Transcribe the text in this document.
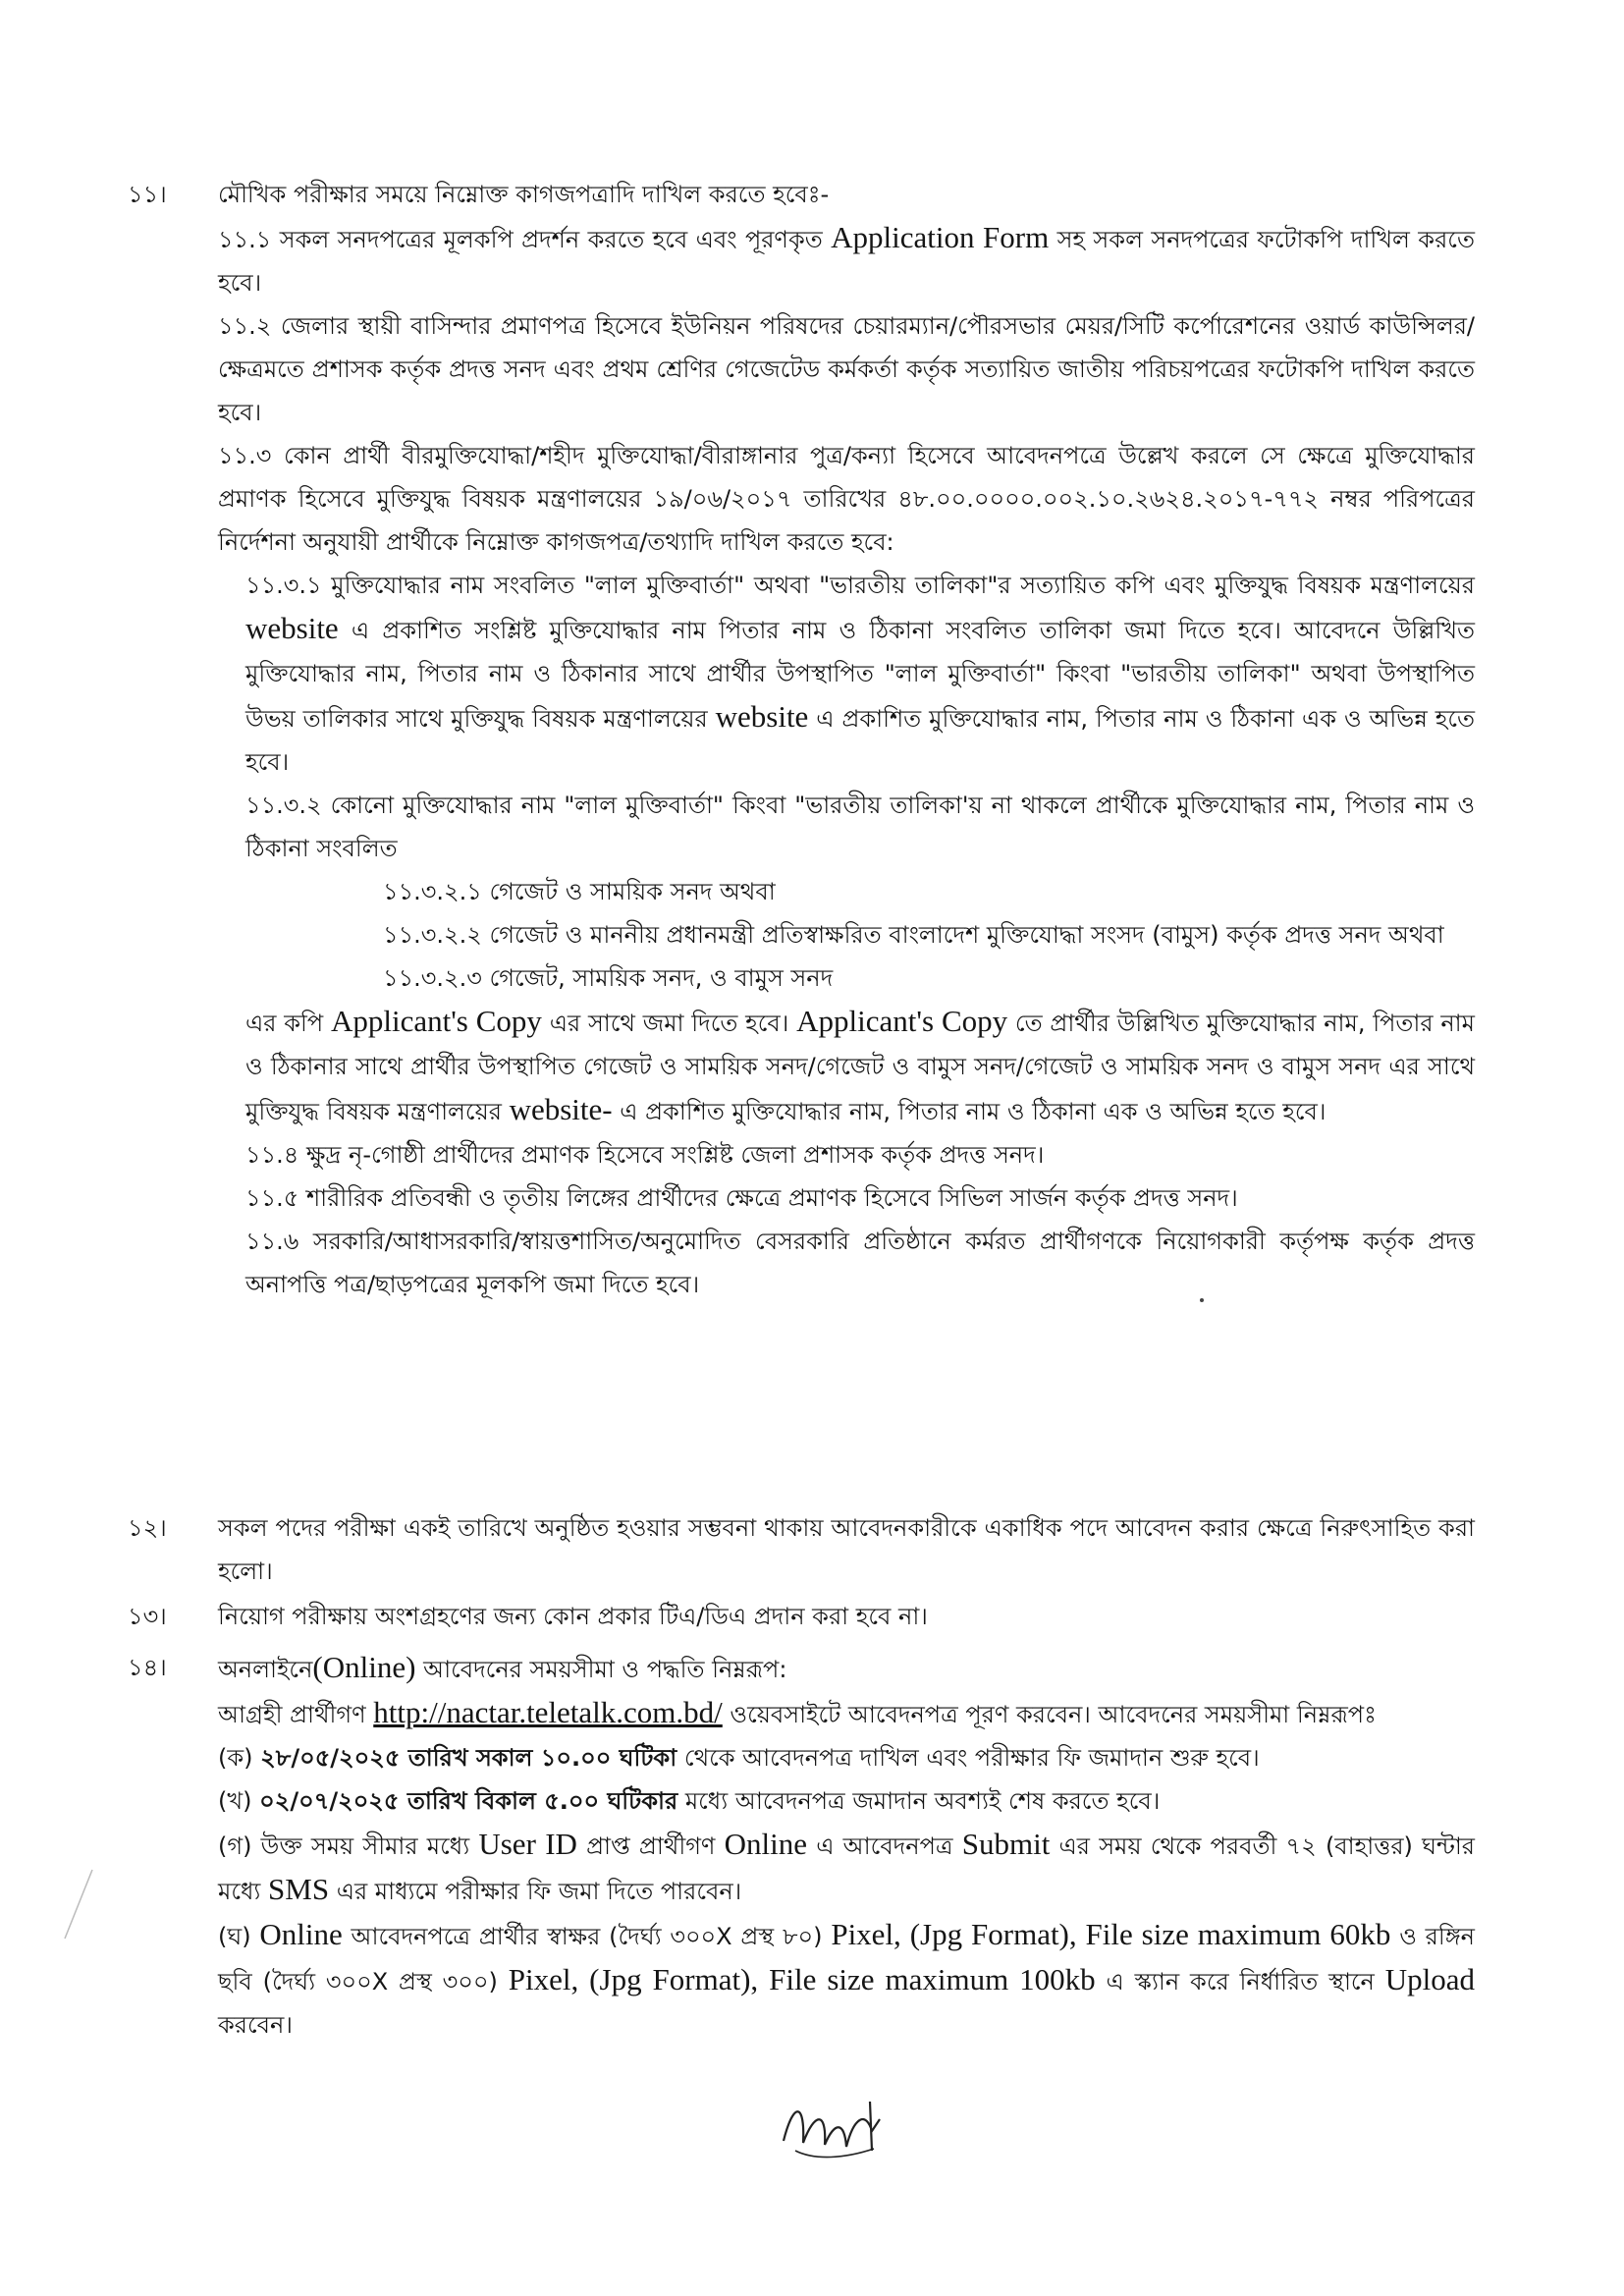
১১।	মৌখিক পরীক্ষার সময়ে নিম্নোক্ত কাগজপত্রাদি দাখিল করতে হবেঃ-
১১.১ সকল সনদপত্রের মূলকপি প্রদর্শন করতে হবে এবং পূরণকৃত Application Form সহ সকল সনদপত্রের ফটোকপি দাখিল করতে হবে।
১১.২ জেলার স্থায়ী বাসিন্দার প্রমাণপত্র হিসেবে ইউনিয়ন পরিষদের চেয়ারম্যান/পৌরসভার মেয়র/সিটি কর্পোরেশনের ওয়ার্ড কাউন্সিলর/ক্ষেত্রমতে প্রশাসক কর্তৃক প্রদত্ত সনদ এবং প্রথম শ্রেণির গেজেটেড কর্মকর্তা কর্তৃক সত্যায়িত জাতীয় পরিচয়পত্রের ফটোকপি দাখিল করতে হবে।
১১.৩ কোন প্রার্থী বীরমুক্তিযোদ্ধা/শহীদ মুক্তিযোদ্ধা/বীরাঙ্গানার পুত্র/কন্যা হিসেবে আবেদনপত্রে উল্লেখ করলে সে ক্ষেত্রে মুক্তিযোদ্ধার প্রমাণক হিসেবে মুক্তিযুদ্ধ বিষয়ক মন্ত্রণালয়ের ১৯/০৬/২০১৭ তারিখের ৪৮.০০.০০০০.০০২.১০.২৬২৪.২০১৭-৭৭২ নম্বর পরিপত্রের নির্দেশনা অনুযায়ী প্রার্থীকে নিম্নোক্ত কাগজপত্র/তথ্যাদি দাখিল করতে হবে:
১১.৩.১ মুক্তিযোদ্ধার নাম সংবলিত "লাল মুক্তিবার্তা" অথবা "ভারতীয় তালিকা"র সত্যায়িত কপি এবং মুক্তিযুদ্ধ বিষয়ক মন্ত্রণালয়ের website এ প্রকাশিত সংশ্লিষ্ট মুক্তিযোদ্ধার নাম পিতার নাম ও ঠিকানা সংবলিত তালিকা জমা দিতে হবে। আবেদনে উল্লিখিত মুক্তিযোদ্ধার নাম, পিতার নাম ও ঠিকানার সাথে প্রার্থীর উপস্থাপিত "লাল মুক্তিবার্তা" কিংবা "ভারতীয় তালিকা" অথবা উপস্থাপিত উভয় তালিকার সাথে মুক্তিযুদ্ধ বিষয়ক মন্ত্রণালয়ের website এ প্রকাশিত মুক্তিযোদ্ধার নাম, পিতার নাম ও ঠিকানা এক ও অভিন্ন হতে হবে।
১১.৩.২ কোনো মুক্তিযোদ্ধার নাম "লাল মুক্তিবার্তা" কিংবা "ভারতীয় তালিকা'য় না থাকলে প্রার্থীকে মুক্তিযোদ্ধার নাম, পিতার নাম ও ঠিকানা সংবলিত
১১.৩.২.১ গেজেট ও সাময়িক সনদ অথবা
১১.৩.২.২ গেজেট ও মাননীয় প্রধানমন্ত্রী প্রতিস্বাক্ষরিত বাংলাদেশ মুক্তিযোদ্ধা সংসদ (বামুস) কর্তৃক প্রদত্ত সনদ অথবা
১১.৩.২.৩ গেজেট, সাময়িক সনদ, ও বামুস সনদ
এর কপি Applicant's Copy এর সাথে জমা দিতে হবে। Applicant's Copy তে প্রার্থীর উল্লিখিত মুক্তিযোদ্ধার নাম, পিতার নাম ও ঠিকানার সাথে প্রার্থীর উপস্থাপিত গেজেট ও সাময়িক সনদ/গেজেট ও বামুস সনদ/গেজেট ও সাময়িক সনদ ও বামুস সনদ এর সাথে মুক্তিযুদ্ধ বিষয়ক মন্ত্রণালয়ের website- এ প্রকাশিত মুক্তিযোদ্ধার নাম, পিতার নাম ও ঠিকানা এক ও অভিন্ন হতে হবে।
১১.৪ ক্ষুদ্র নৃ-গোষ্ঠী প্রার্থীদের প্রমাণক হিসেবে সংশ্লিষ্ট জেলা প্রশাসক কর্তৃক প্রদত্ত সনদ।
১১.৫ শারীরিক প্রতিবন্ধী ও তৃতীয় লিঙ্গের প্রার্থীদের ক্ষেত্রে প্রমাণক হিসেবে সিভিল সার্জন কর্তৃক প্রদত্ত সনদ।
১১.৬ সরকারি/আধাসরকারি/স্বায়ত্তশাসিত/অনুমোদিত বেসরকারি প্রতিষ্ঠানে কর্মরত প্রার্থীগণকে নিয়োগকারী কর্তৃপক্ষ কর্তৃক প্রদত্ত অনাপত্তি পত্র/ছাড়পত্রের মূলকপি জমা দিতে হবে।
১২।	সকল পদের পরীক্ষা একই তারিখে অনুষ্ঠিত হওয়ার সম্ভবনা থাকায় আবেদনকারীকে একাধিক পদে আবেদন করার ক্ষেত্রে নিরুৎসাহিত করা হলো।
১৩।	নিয়োগ পরীক্ষায় অংশগ্রহণের জন্য কোন প্রকার টিএ/ডিএ প্রদান করা হবে না।
১৪।	অনলাইনে(Online) আবেদনের সময়সীমা ও পদ্ধতি নিম্নরূপ:
আগ্রহী প্রার্থীগণ http://nactar.teletalk.com.bd/ ওয়েবসাইটে আবেদনপত্র পূরণ করবেন। আবেদনের সময়সীমা নিম্নরূপঃ
(ক) ২৮/০৫/২০২৫ তারিখ সকাল ১০.০০ ঘটিকা থেকে আবেদনপত্র দাখিল এবং পরীক্ষার ফি জমাদান শুরু হবে।
(খ) ০২/০৭/২০২৫ তারিখ বিকাল ৫.০০ ঘটিকার মধ্যে আবেদনপত্র জমাদান অবশ্যই শেষ করতে হবে।
(গ) উক্ত সময় সীমার মধ্যে User ID প্রাপ্ত প্রার্থীগণ Online এ আবেদনপত্র Submit এর সময় থেকে পরবর্তী ৭২ (বাহাত্তর) ঘন্টার মধ্যে SMS এর মাধ্যমে পরীক্ষার ফি জমা দিতে পারবেন।
(ঘ) Online আবেদনপত্রে প্রার্থীর স্বাক্ষর (দৈর্ঘ্য ৩০০X প্রস্থ ৮০) Pixel, (Jpg Format), File size maximum 60kb ও রঙ্গিন ছবি (দৈর্ঘ্য ৩০০X প্রস্থ ৩০০) Pixel, (Jpg Format), File size maximum 100kb এ স্ক্যান করে নির্ধারিত স্থানে Upload করবেন।
